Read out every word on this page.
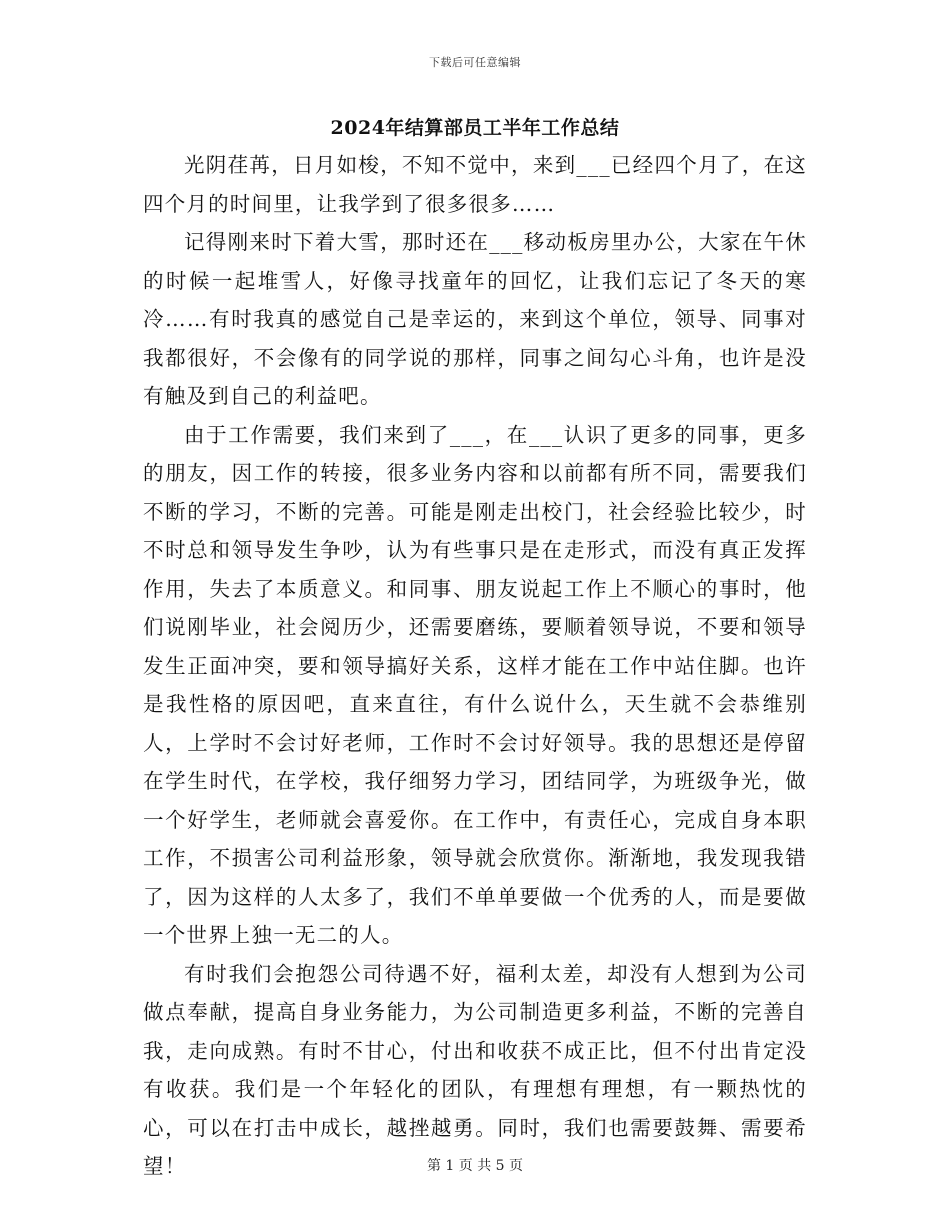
下载后可任意编辑
2024年结算部员工半年工作总结

光阴荏苒，日月如梭，不知不觉中，来到___已经四个月了，在这四个月的时间里，让我学到了很多很多……

记得刚来时下着大雪，那时还在___移动板房里办公，大家在午休的时候一起堆雪人，好像寻找童年的回忆，让我们忘记了冬天的寒冷……有时我真的感觉自己是幸运的，来到这个单位，领导、同事对我都很好，不会像有的同学说的那样，同事之间勾心斗角，也许是没有触及到自己的利益吧。

由于工作需要，我们来到了___，在___认识了更多的同事，更多的朋友，因工作的转接，很多业务内容和以前都有所不同，需要我们不断的学习，不断的完善。可能是刚走出校门，社会经验比较少，时不时总和领导发生争吵，认为有些事只是在走形式，而没有真正发挥作用，失去了本质意义。和同事、朋友说起工作上不顺心的事时，他们说刚毕业，社会阅历少，还需要磨练，要顺着领导说，不要和领导发生正面冲突，要和领导搞好关系，这样才能在工作中站住脚。也许是我性格的原因吧，直来直往，有什么说什么，天生就不会恭维别人，上学时不会讨好老师，工作时不会讨好领导。我的思想还是停留在学生时代，在学校，我仔细努力学习，团结同学，为班级争光，做一个好学生，老师就会喜爱你。在工作中，有责任心，完成自身本职工作，不损害公司利益形象，领导就会欣赏你。渐渐地，我发现我错了，因为这样的人太多了，我们不单单要做一个优秀的人，而是要做一个世界上独一无二的人。

有时我们会抱怨公司待遇不好，福利太差，却没有人想到为公司做点奉献，提高自身业务能力，为公司制造更多利益，不断的完善自我，走向成熟。有时不甘心，付出和收获不成正比，但不付出肯定没有收获。我们是一个年轻化的团队，有理想有理想，有一颗热忱的心，可以在打击中成长，越挫越勇。同时，我们也需要鼓舞、需要希望！	第 1 页 共 5 页
